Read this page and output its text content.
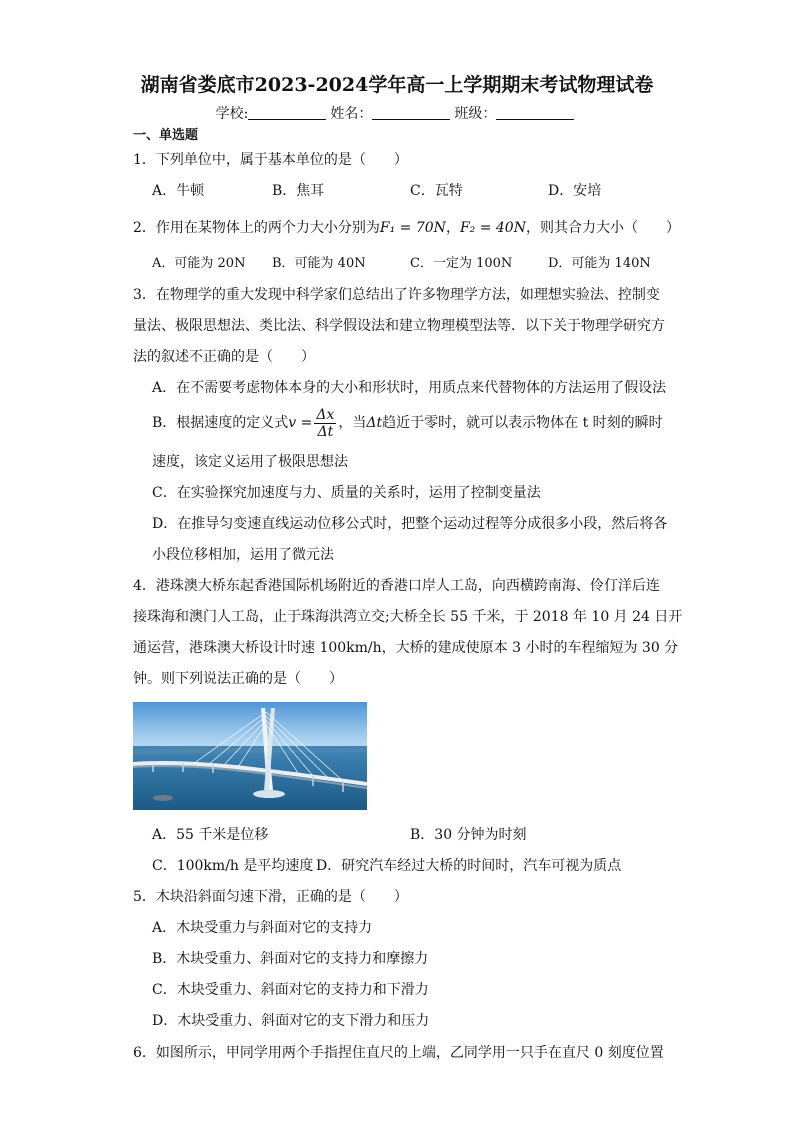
湖南省娄底市2023-2024学年高一上学期期末考试物理试卷
学校:	姓名：	班级：
一、单选题
1．下列单位中，属于基本单位的是（　　）
A．牛顿	B．焦耳	C．瓦特	D．安培
2．作用在某物体上的两个力大小分别为F₁ = 70N，F₂ = 40N，则其合力大小（　　）
A．可能为 20N B．可能为 40N	C．一定为 100N	D．可能为 140N
3．在物理学的重大发现中科学家们总结出了许多物理学方法，如理想实验法、控制变
量法、极限思想法、类比法、科学假设法和建立物理模型法等．以下关于物理学研究方
法的叙述不正确的是（　　）
A．在不需要考虑物体本身的大小和形状时，用质点来代替物体的方法运用了假设法
B．根据速度的定义式$v = \frac{\Delta x}{\Delta t}$ ，当Δt趋近于零时，就可以表示物体在 t 时刻的瞬时
速度，该定义运用了极限思想法
C．在实验探究加速度与力、质量的关系时，运用了控制变量法
D．在推导匀变速直线运动位移公式时，把整个运动过程等分成很多小段，然后将各
小段位移相加，运用了微元法
4．港珠澳大桥东起香港国际机场附近的香港口岸人工岛，向西横跨南海、伶仃洋后连
接珠海和澳门人工岛，止于珠海洪湾立交;大桥全长 55 千米，于 2018 年 10 月 24 日开
通运营，港珠澳大桥设计时速 100km/h，大桥的建成使原本 3 小时的车程缩短为 30 分
钟。则下列说法正确的是（　　）
A．55 千米是位移	B．30 分钟为时刻
C．100km/h 是平均速度 D．研究汽车经过大桥的时间时，汽车可视为质点
5．木块沿斜面匀速下滑，正确的是（　　）
A．木块受重力与斜面对它的支持力
B．木块受重力、斜面对它的支持力和摩擦力
C．木块受重力、斜面对它的支持力和下滑力
D．木块受重力、斜面对它的支下滑力和压力
6．如图所示，甲同学用两个手指捏住直尺的上端，乙同学用一只手在直尺 0 刻度位置
